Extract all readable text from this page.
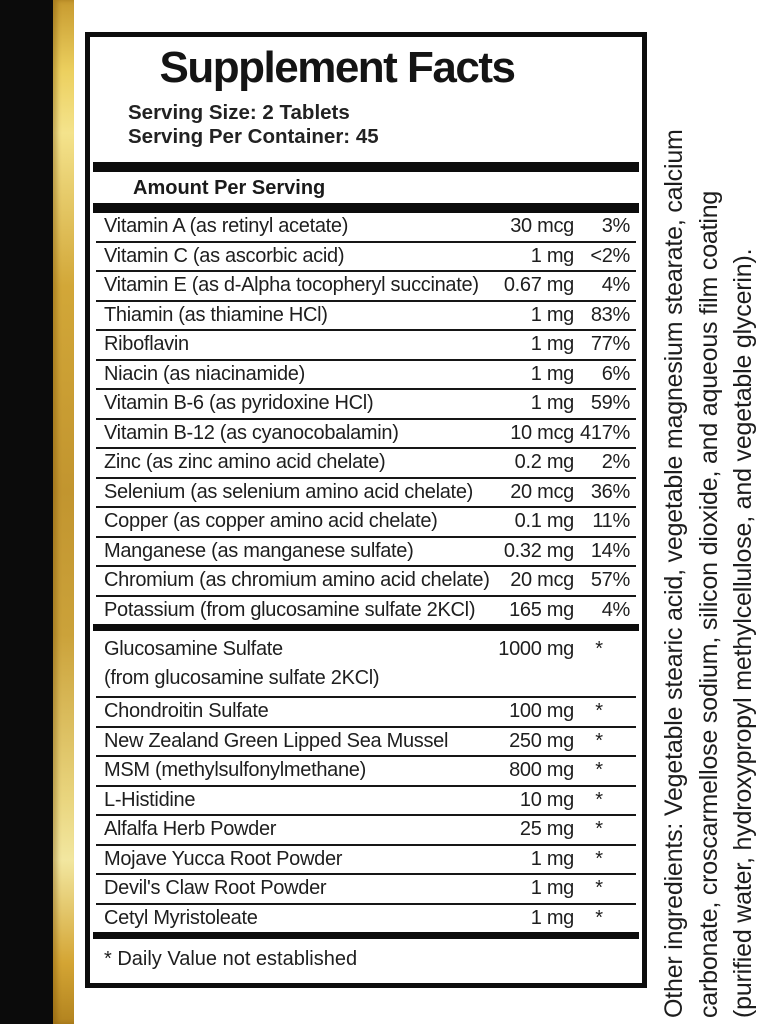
Supplement Facts
Serving Size: 2 Tablets
Serving Per Container: 45
Amount Per Serving
Vitamin A (as retinyl acetate)	30 mcg	3%
Vitamin C (as ascorbic acid)	1 mg <2%
Vitamin E (as d-Alpha tocopheryl succinate)	0.67 mg	4%
Thiamin (as thiamine HCl)	1 mg 83%
Riboflavin	1 mg 77%
Niacin (as niacinamide)	1 mg	6%
Vitamin B-6 (as pyridoxine HCl)	1 mg 59%
Vitamin B-12 (as cyanocobalamin)	10 mcg 417%
Zinc (as zinc amino acid chelate)	0.2 mg	2%
Selenium (as selenium amino acid chelate)	20 mcg 36%
Copper (as copper amino acid chelate)	0.1 mg 11%
Manganese (as manganese sulfate)	0.32 mg 14%
Chromium (as chromium amino acid chelate)	20 mcg 57%
Potassium (from glucosamine sulfate 2KCl)	165 mg	4%
Glucosamine Sulfate	1000 mg	*
(from glucosamine sulfate 2KCl)
Chondroitin Sulfate	100 mg	*
New Zealand Green Lipped Sea Mussel	250 mg	*
MSM (methylsulfonylmethane)	800 mg	*
L-Histidine	10 mg	*
Alfalfa Herb Powder	25 mg	*
Mojave Yucca Root Powder	1 mg	*
Devil's Claw Root Powder	1 mg	*
Cetyl Myristoleate	1 mg	*
* Daily Value not established	Other ingredients: Vegetable stearic acid, vegetable magnesium stearate, calcium carbonate, croscarmellose sodium, silicon dioxide, and aqueous film coating (purified water, hydroxypropyl methylcellulose, and vegetable glycerin).
